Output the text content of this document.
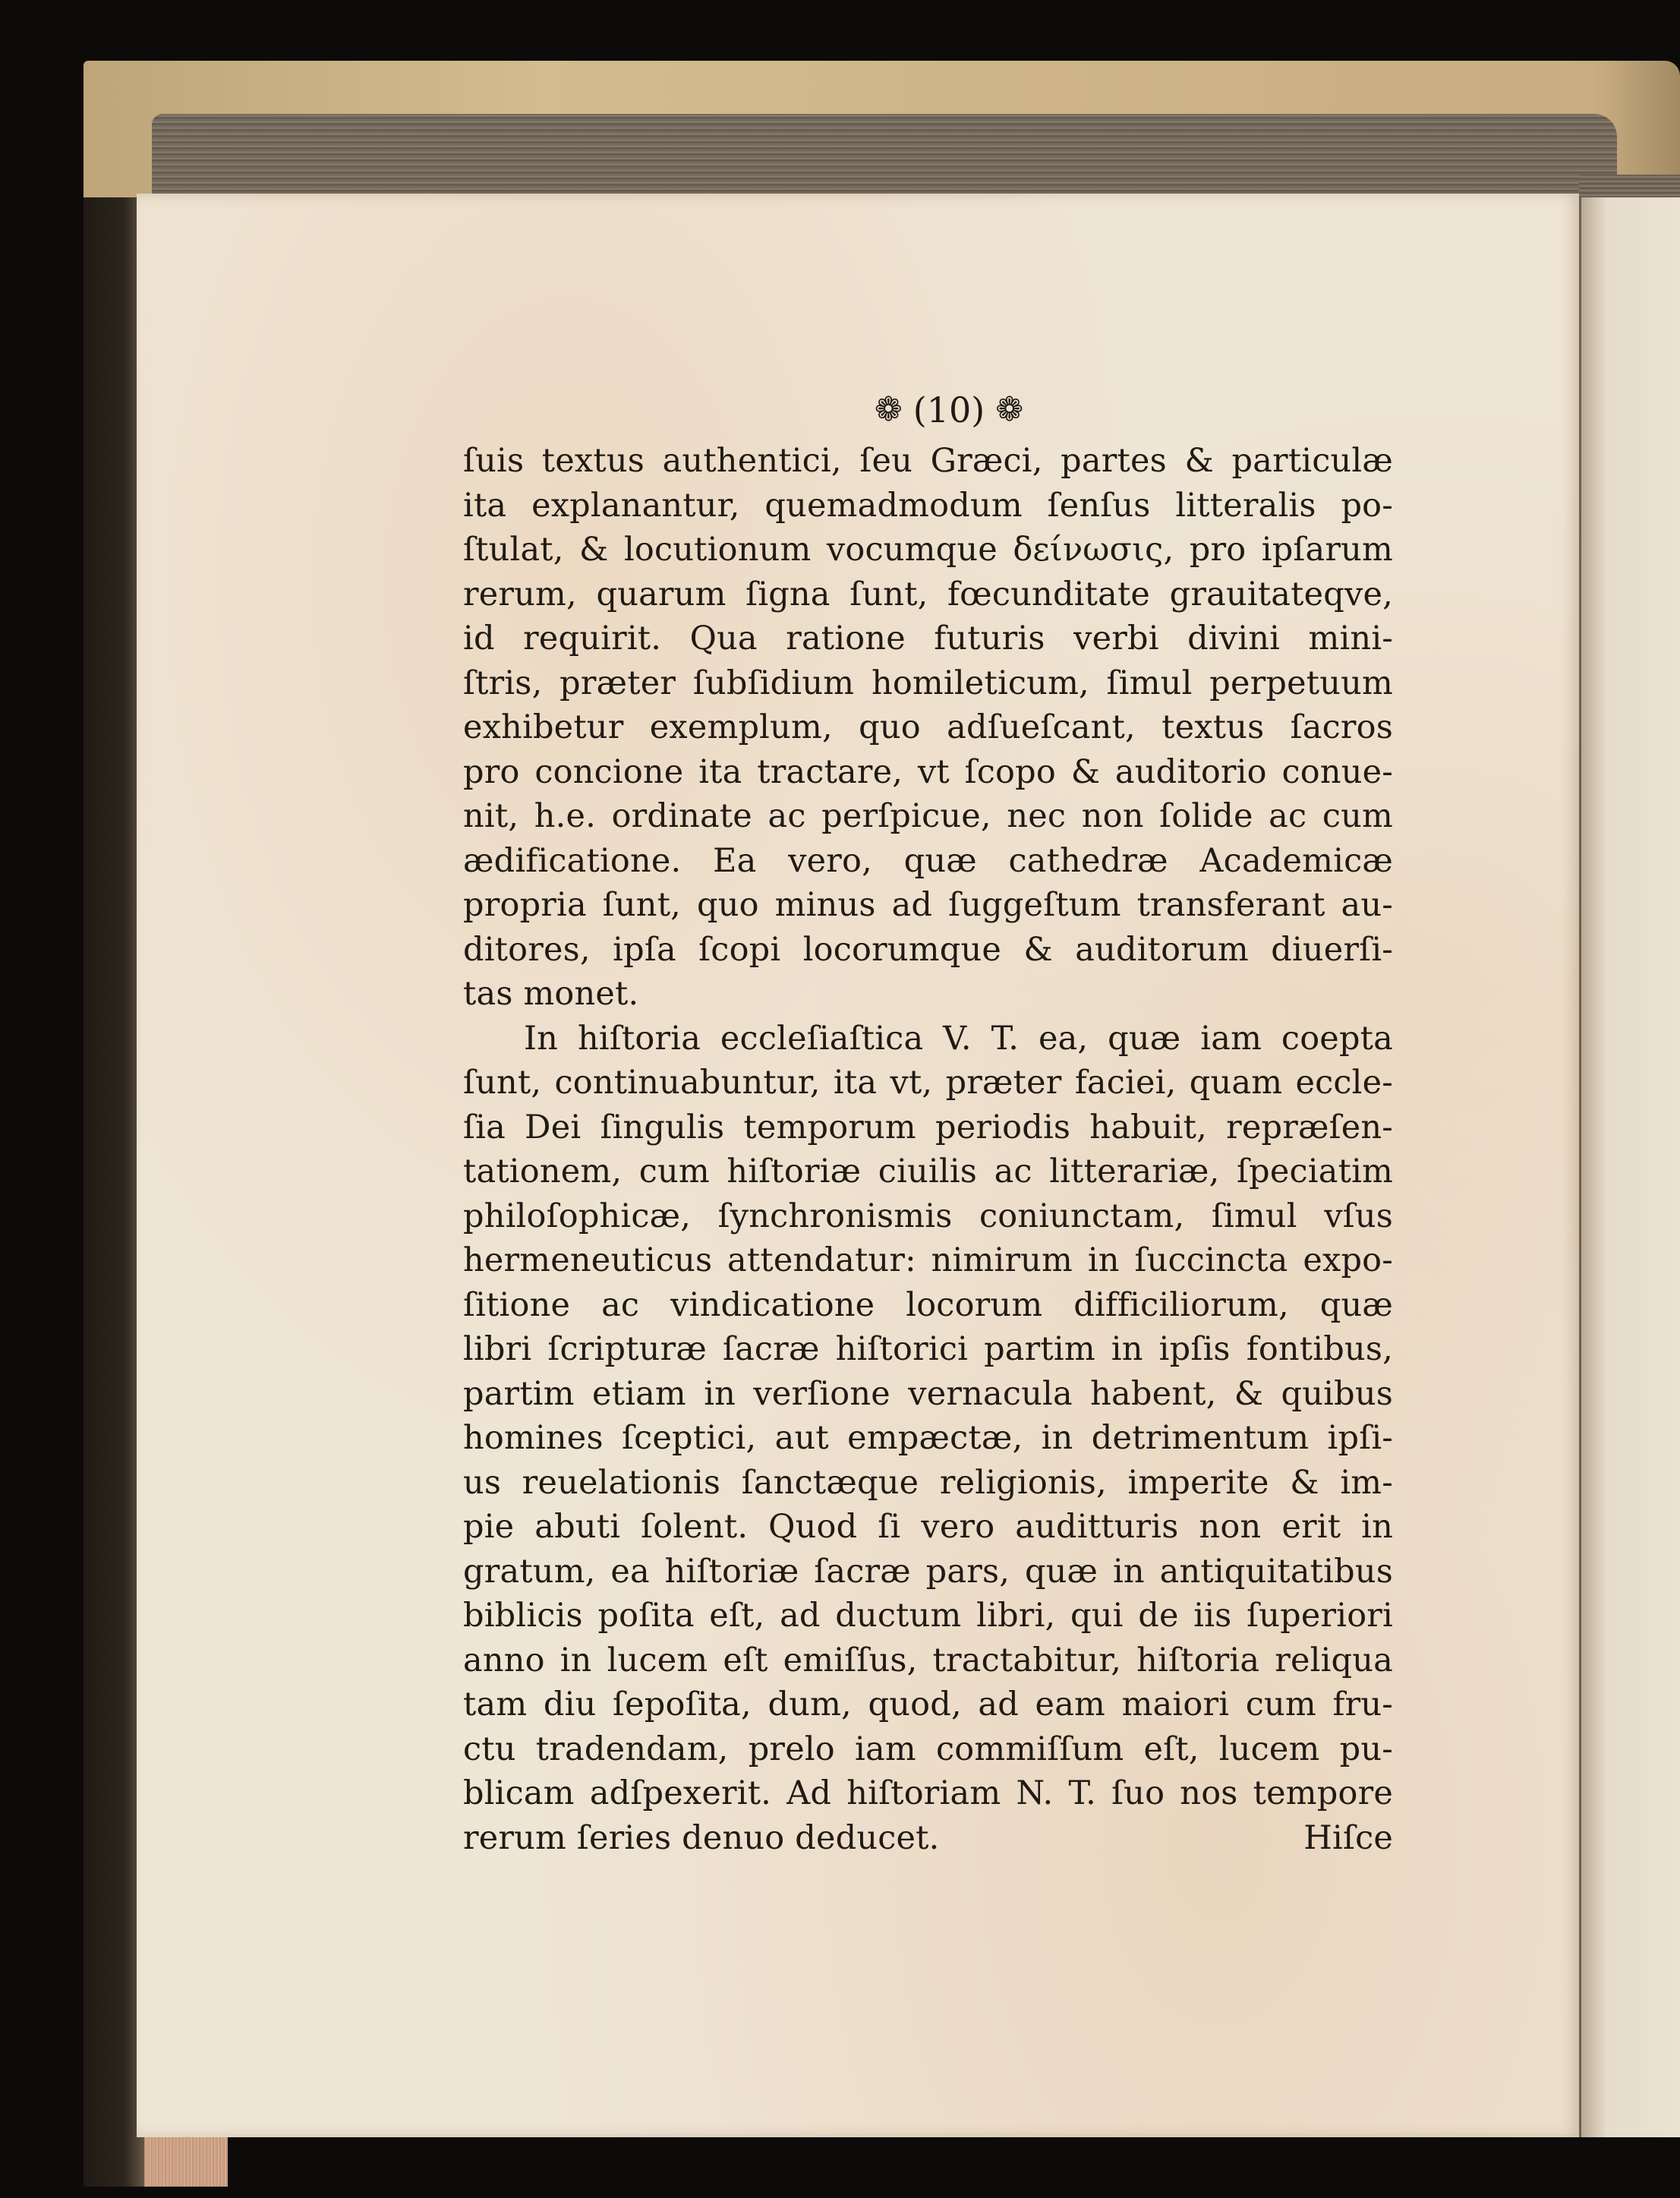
❁ (10) ❁
ſuis textus authentici, ſeu Græci, partes & particulæ
ita explanantur, quemadmodum ſenſus litteralis po-
ſtulat, & locutionum vocumque δείνωσις, pro ipſarum
rerum, quarum ſigna ſunt, fœcunditate grauitateqve,
id requirit. Qua ratione futuris verbi divini mini-
ſtris, præter ſubſidium homileticum, ſimul perpetuum
exhibetur exemplum, quo adſueſcant, textus ſacros
pro concione ita tractare, vt ſcopo & auditorio conue-
nit, h.e. ordinate ac perſpicue, nec non ſolide ac cum
ædificatione. Ea vero, quæ cathedræ Academicæ
propria ſunt, quo minus ad ſuggeſtum transferant au-
ditores, ipſa ſcopi locorumque & auditorum diuerſi-
tas monet.
In hiſtoria eccleſiaſtica V. T. ea, quæ iam coepta
ſunt, continuabuntur, ita vt, præter faciei, quam eccle-
ſia Dei ſingulis temporum periodis habuit, repræſen-
tationem, cum hiſtoriæ ciuilis ac litterariæ, ſpeciatim
philoſophicæ, ſynchronismis coniunctam, ſimul vſus
hermeneuticus attendatur: nimirum in ſuccincta expo-
ſitione ac vindicatione locorum difficiliorum, quæ
libri ſcripturæ ſacræ hiſtorici partim in ipſis fontibus,
partim etiam in verſione vernacula habent, & quibus
homines ſceptici, aut empæctæ, in detrimentum ipſi-
us reuelationis ſanctæque religionis, imperite & im-
pie abuti ſolent. Quod ſi vero auditturis non erit in
gratum, ea hiſtoriæ ſacræ pars, quæ in antiquitatibus
biblicis poſita eſt, ad ductum libri, qui de iis ſuperiori
anno in lucem eſt emiſſus, tractabitur, hiſtoria reliqua
tam diu ſepoſita, dum, quod, ad eam maiori cum fru-
ctu tradendam, prelo iam commiſſum eſt, lucem pu-
blicam adſpexerit. Ad hiſtoriam N. T. ſuo nos tempore
rerum ſeries denuo deducet.	Hiſce
